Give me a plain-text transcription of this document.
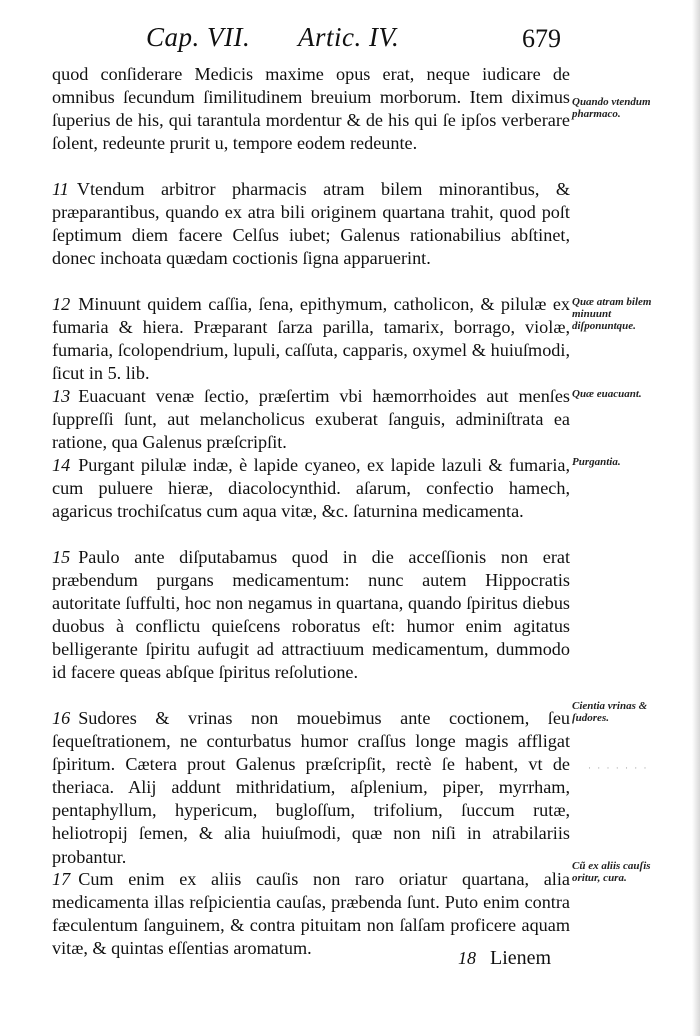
Cap. VII. Artic. IV.	679

quod conſiderare Medicis maxime opus erat, neque iudicare de omnibus ſecundum ſimilitudinem breuium morborum. Item diximus ſuperius de his, qui tarantula mordentur & de his qui ſe ipſos verberare ſolent, redeunte prurit u, tempore eodem redeunte.

11 Vtendum arbitror pharmacis atram bilem minorantibus, & præparantibus, quando ex atra bili originem quartana trahit, quod poſt ſeptimum diem facere Celſus iubet; Galenus rationabilius abſtinet, donec inchoata quædam coctionis ſigna apparuerint.

12 Minuunt quidem caſſia, ſena, epithymum, catholicon, & pilulæ ex fumaria & hiera. Præparant ſarza parilla, tamarix, borrago, violæ, fumaria, ſcolopendrium, lupuli, caſſuta, capparis, oxymel & huiuſmodi, ſicut in 5. lib.

13 Euacuant venæ ſectio, præſertim vbi hæmorrhoides aut menſes ſuppreſſi ſunt, aut melancholicus exuberat ſanguis, adminiſtrata ea ratione, qua Galenus præſcripſit.

14 Purgant pilulæ indæ, è lapide cyaneo, ex lapide lazuli & fumaria, cum puluere hieræ, diacolocynthid. aſarum, confectio hamech, agaricus trochiſcatus cum aqua vitæ, &c. ſaturnina medicamenta.

15 Paulo ante diſputabamus quod in die acceſſionis non erat præbendum purgans medicamentum: nunc autem Hippocratis autoritate ſuffulti, hoc non negamus in quartana, quando ſpiritus diebus duobus à conflictu quieſcens roboratus eſt: humor enim agitatus belligerante ſpiritu aufugit ad attractiuum medicamentum, dummodo id facere queas abſque ſpiritus reſolutione.

16 Sudores & vrinas non mouebimus ante coctionem, ſeu ſequeſtrationem, ne conturbatus humor craſſus longe magis affligat ſpiritum. Cætera prout Galenus præſcripſit, rectè ſe habent, vt de theriaca. Alij addunt mithridatium, aſplenium, piper, myrrham, pentaphyllum, hypericum, bugloſſum, trifolium, ſuccum rutæ, heliotropij ſemen, & alia huiuſmodi, quæ non niſi in atrabilariis probantur.

17 Cum enim ex aliis cauſis non raro oriatur quartana, alia medicamenta illas reſpicientia cauſas, præbenda ſunt. Puto enim contra fæculentum ſanguinem, & contra pituitam non ſalſam proficere aquam vitæ, & quintas eſſentias aromatum.

Quando vtendum pharmaco.
Quæ atram bilem minuunt diſponuntque.
Quæ euacuant.
Purgantia.
Cientia vrinas & ſudores.
Cũ ex aliis cauſis oritur, cura.
· · · · · · ·
18 Lienem
